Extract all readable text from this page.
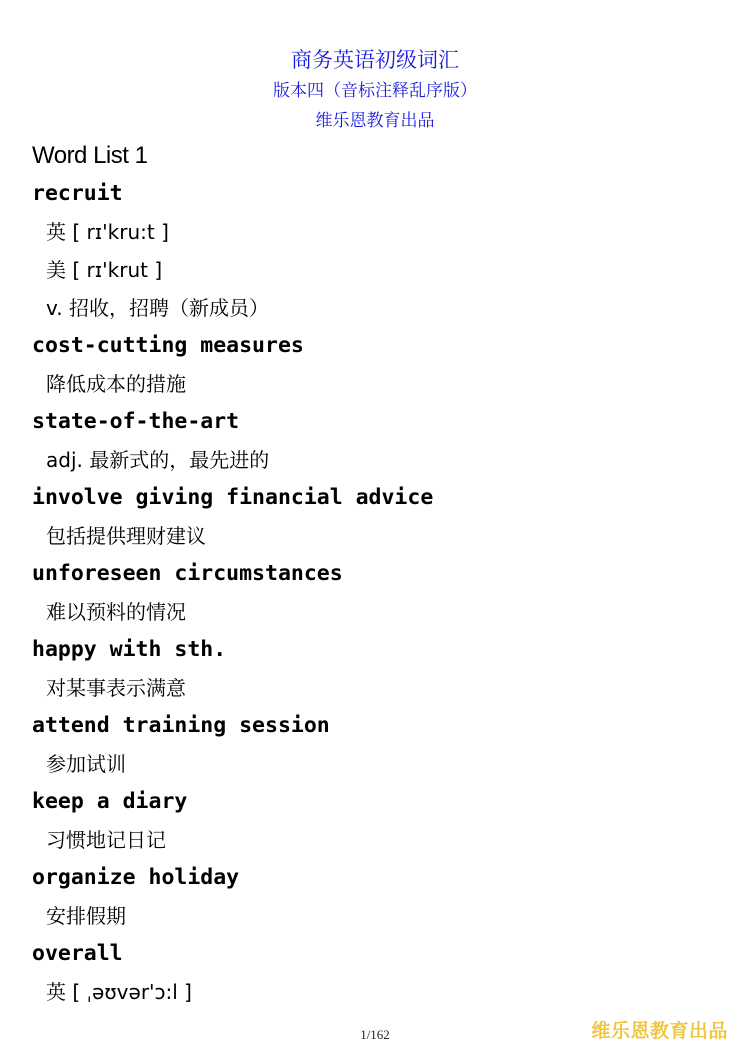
商务英语初级词汇
版本四（音标注释乱序版）
维乐恩教育出品
Word List 1
recruit
英 [ rɪ'kru:t ]
美 [ rɪ'krut ]
v. 招收，招聘（新成员）
cost-cutting measures
降低成本的措施
state-of-the-art
adj. 最新式的，最先进的
involve giving financial advice
包括提供理财建议
unforeseen circumstances
难以预料的情况
happy with sth.
对某事表示满意
attend training session
参加试训
keep a diary
习惯地记日记
organize holiday
安排假期
overall
英 [ ˌəʊvər'ɔ:l ]
1/162	维乐恩教育出品
